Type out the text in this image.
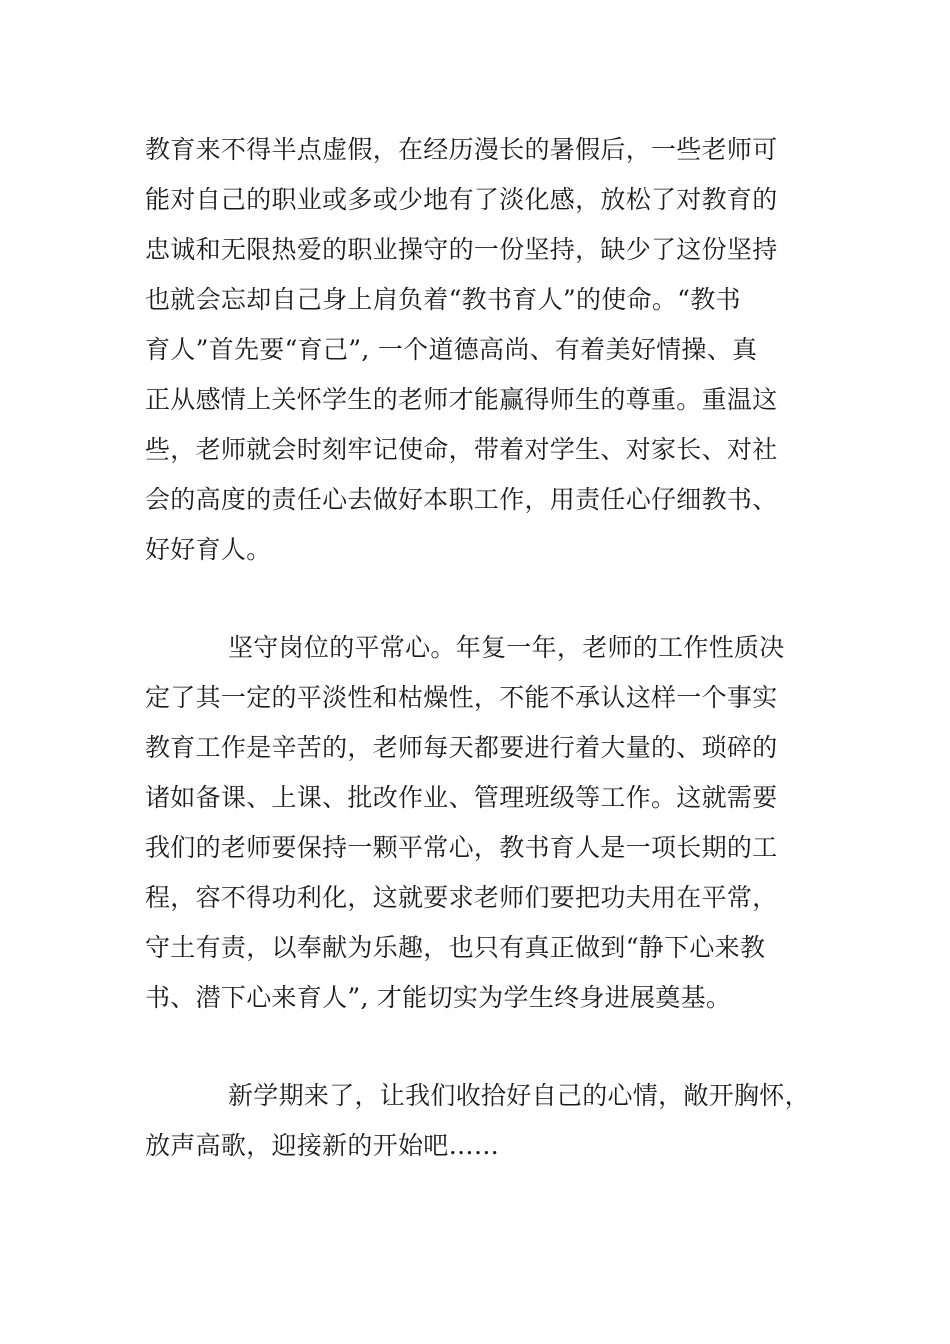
教育来不得半点虚假，在经历漫长的暑假后，一些老师可
能对自己的职业或多或少地有了淡化感，放松了对教育的
忠诚和无限热爱的职业操守的一份坚持，缺少了这份坚持
也就会忘却自己身上肩负着“教书育人”的使命。“教书
育人”首先要“育己”, 一个道德高尚、有着美好情操、真
正从感情上关怀学生的老师才能赢得师生的尊重。重温这
些，老师就会时刻牢记使命，带着对学生、对家长、对社
会的高度的责任心去做好本职工作，用责任心仔细教书、
好好育人。
坚守岗位的平常心。年复一年，老师的工作性质决
定了其一定的平淡性和枯燥性，不能不承认这样一个事实
教育工作是辛苦的，老师每天都要进行着大量的、琐碎的
诸如备课、上课、批改作业、管理班级等工作。这就需要
我们的老师要保持一颗平常心，教书育人是一项长期的工
程，容不得功利化，这就要求老师们要把功夫用在平常，
守土有责，以奉献为乐趣，也只有真正做到“静下心来教
书、潜下心来育人”, 才能切实为学生终身进展奠基。
新学期来了，让我们收拾好自己的心情，敞开胸怀，
放声高歌，迎接新的开始吧……
